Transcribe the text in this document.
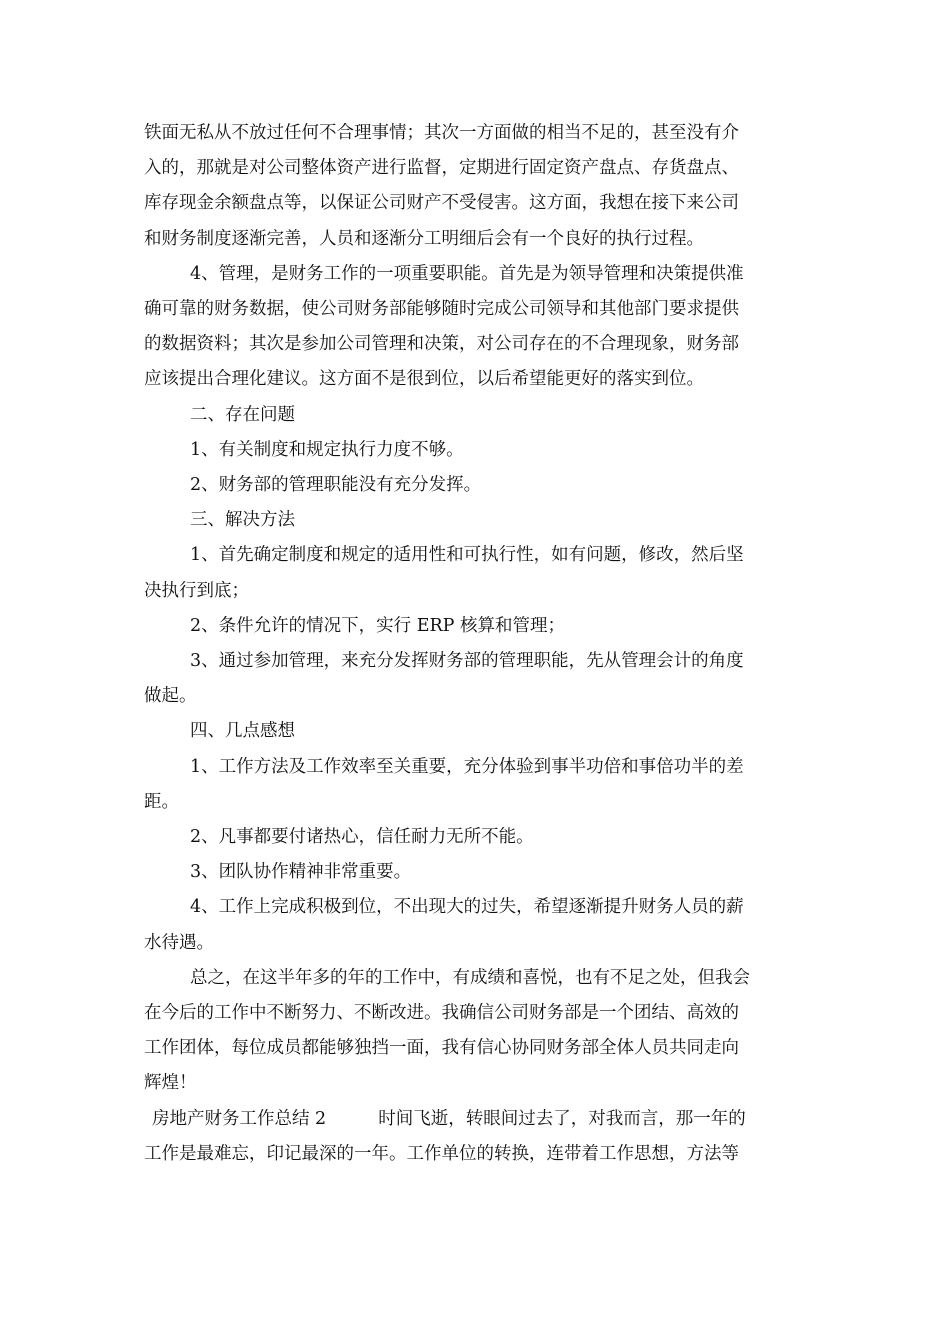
铁面无私从不放过任何不合理事情；其次一方面做的相当不足的，甚至没有介
入的，那就是对公司整体资产进行监督，定期进行固定资产盘点、存货盘点、
库存现金余额盘点等，以保证公司财产不受侵害。这方面，我想在接下来公司
和财务制度逐渐完善，人员和逐渐分工明细后会有一个良好的执行过程。

4、管理，是财务工作的一项重要职能。首先是为领导管理和决策提供准
确可靠的财务数据，使公司财务部能够随时完成公司领导和其他部门要求提供
的数据资料；其次是参加公司管理和决策，对公司存在的不合理现象，财务部
应该提出合理化建议。这方面不是很到位，以后希望能更好的落实到位。

二、存在问题

1、有关制度和规定执行力度不够。

2、财务部的管理职能没有充分发挥。

三、解决方法

1、首先确定制度和规定的适用性和可执行性，如有问题，修改，然后坚
决执行到底；

2、条件允许的情况下，实行 ERP 核算和管理；

3、通过参加管理，来充分发挥财务部的管理职能，先从管理会计的角度
做起。

四、几点感想

1、工作方法及工作效率至关重要，充分体验到事半功倍和事倍功半的差
距。

2、凡事都要付诸热心，信任耐力无所不能。

3、团队协作精神非常重要。

4、工作上完成积极到位，不出现大的过失，希望逐渐提升财务人员的薪
水待遇。

总之，在这半年多的年的工作中，有成绩和喜悦，也有不足之处，但我会
在今后的工作中不断努力、不断改进。我确信公司财务部是一个团结、高效的
工作团体，每位成员都能够独挡一面，我有信心协同财务部全体人员共同走向
辉煌！

房地产财务工作总结 2	时间飞逝，转眼间过去了，对我而言，那一年的
工作是最难忘，印记最深的一年。工作单位的转换，连带着工作思想，方法等
